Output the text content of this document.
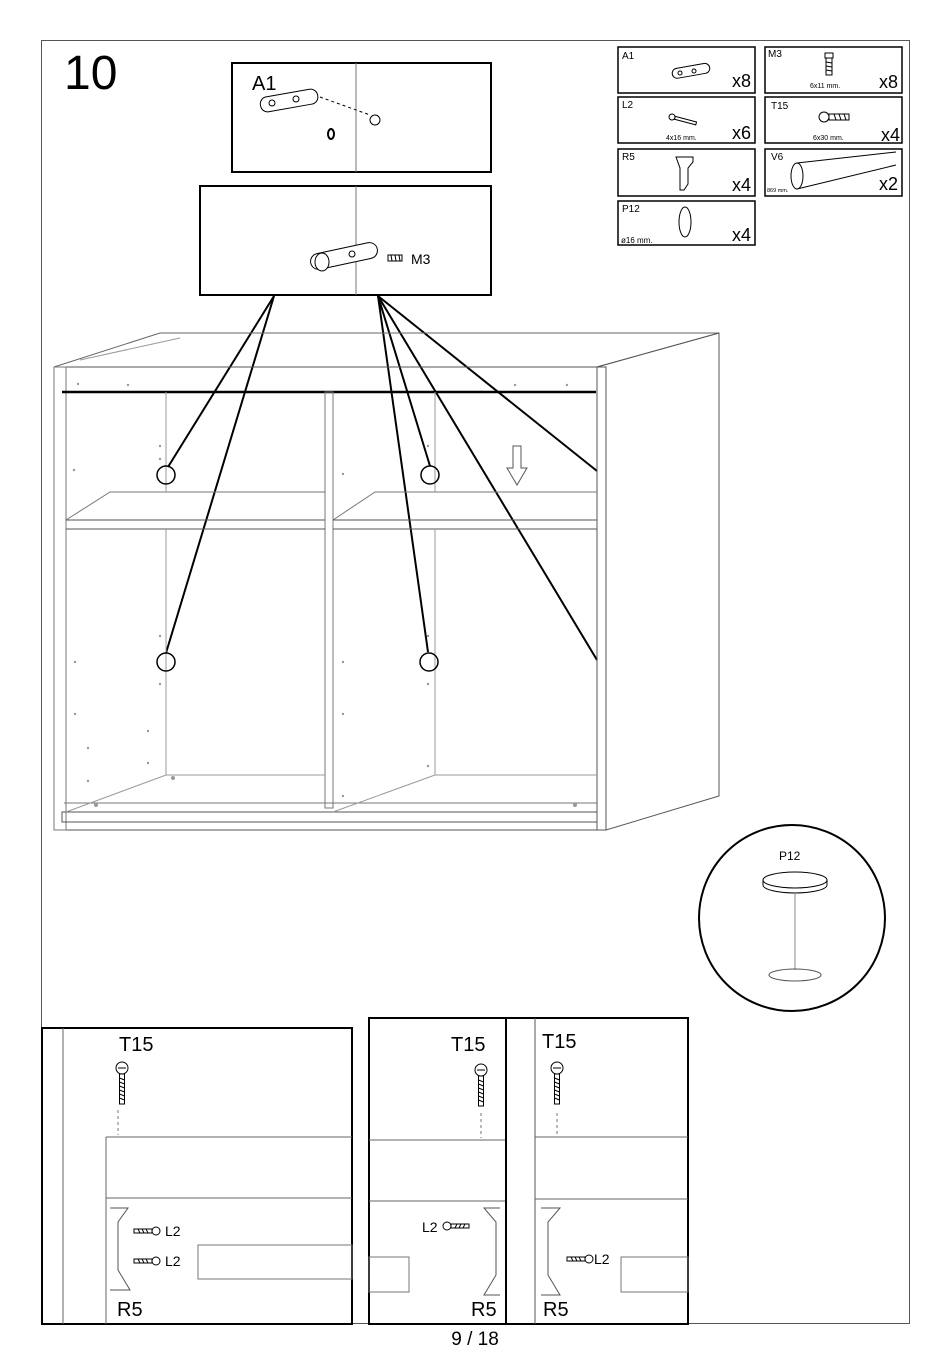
10	A1
x8
M3
x8
6x11 mm.
L2
x6
4x16 mm.
T15
x4
6x30 mm.
R5
x4
V6
x2
869 mm.
P12
x4
ø16 mm.
A1
M3
P12
T15
L2
L2
R5
T15
L2
R5
T15
L2
R5
9 / 18
